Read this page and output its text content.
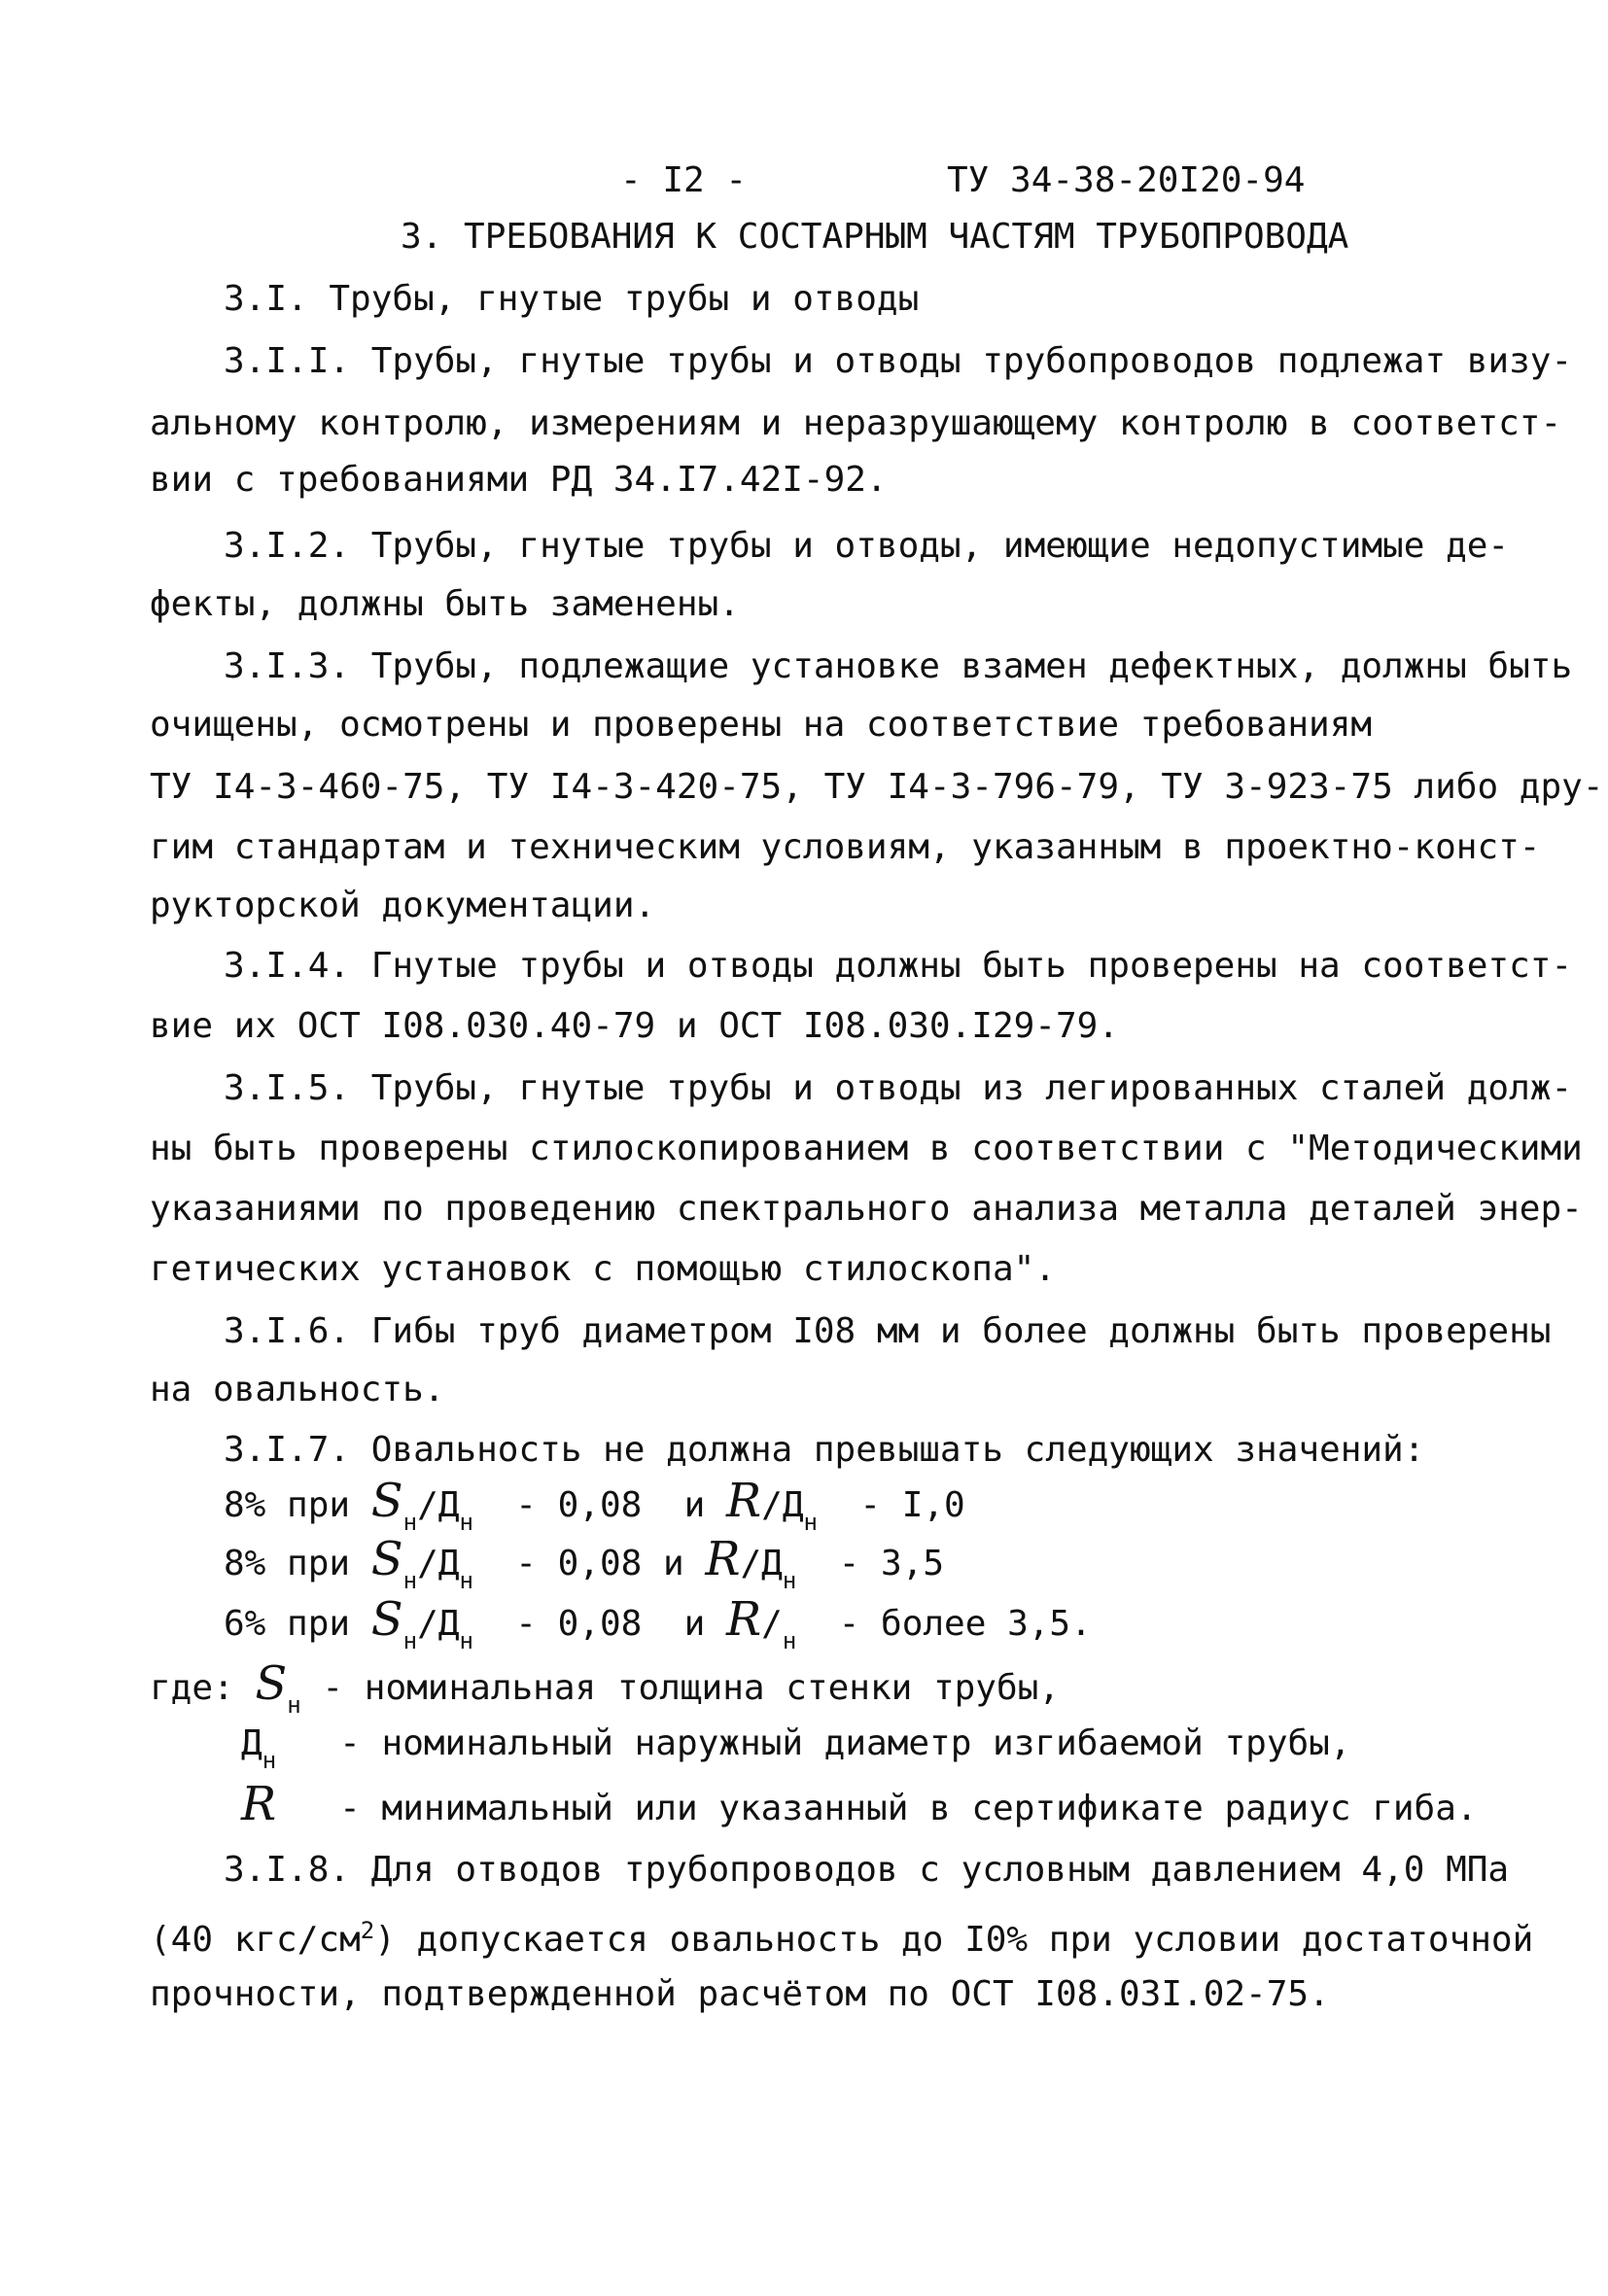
- I2 -	ТУ 34-38-20I20-94
3. ТРЕБОВАНИЯ К СОСТАРНЫМ ЧАСТЯМ ТРУБОПРОВОДА
3.I. Трубы, гнутые трубы и отводы
3.I.I. Трубы, гнутые трубы и отводы трубопроводов подлежат визу-
альному контролю, измерениям и неразрушающему контролю в соответст-
вии с требованиями РД 34.I7.42I-92.
3.I.2. Трубы, гнутые трубы и отводы, имеющие недопустимые де-
фекты, должны быть заменены.
3.I.3. Трубы, подлежащие установке взамен дефектных, должны быть
очищены, осмотрены и проверены на соответствие требованиям
ТУ I4-3-460-75, ТУ I4-3-420-75, ТУ I4-3-796-79, ТУ 3-923-75 либо дру-
гим стандартам и техническим условиям, указанным в проектно-конст-
рукторской документации.
3.I.4. Гнутые трубы и отводы должны быть проверены на соответст-
вие их ОСТ I08.030.40-79 и ОСТ I08.030.I29-79.
3.I.5. Трубы, гнутые трубы и отводы из легированных сталей долж-
ны быть проверены стилоскопированием в соответствии с "Методическими
указаниями по проведению спектрального анализа металла деталей энер-
гетических установок с помощью стилоскопа".
3.I.6. Гибы труб диаметром I08 мм и более должны быть проверены
на овальность.
3.I.7. Овальность не должна превышать следующих значений:
8% при $S_н/Д_н - 0,08$ и $R/Д_н - I,0$
8% при $S_н/Д_н - 0,08$ и $R/Д_н - 3,5$
6% при $S_н/Д_н - 0,08$ и $R/_н$ - более 3,5.
где: $S_н$ - номинальная толщина стенки трубы,
$Д_н$ - номинальный наружный диаметр изгибаемой трубы,
R - минимальный или указанный в сертификате радиус гиба.
3.I.8. Для отводов трубопроводов с условным давлением 4,0 МПа
(40 кгс/$см^2$) допускается овальность до I0% при условии достаточной
прочности, подтвержденной расчётом по ОСТ I08.03I.02-75.
